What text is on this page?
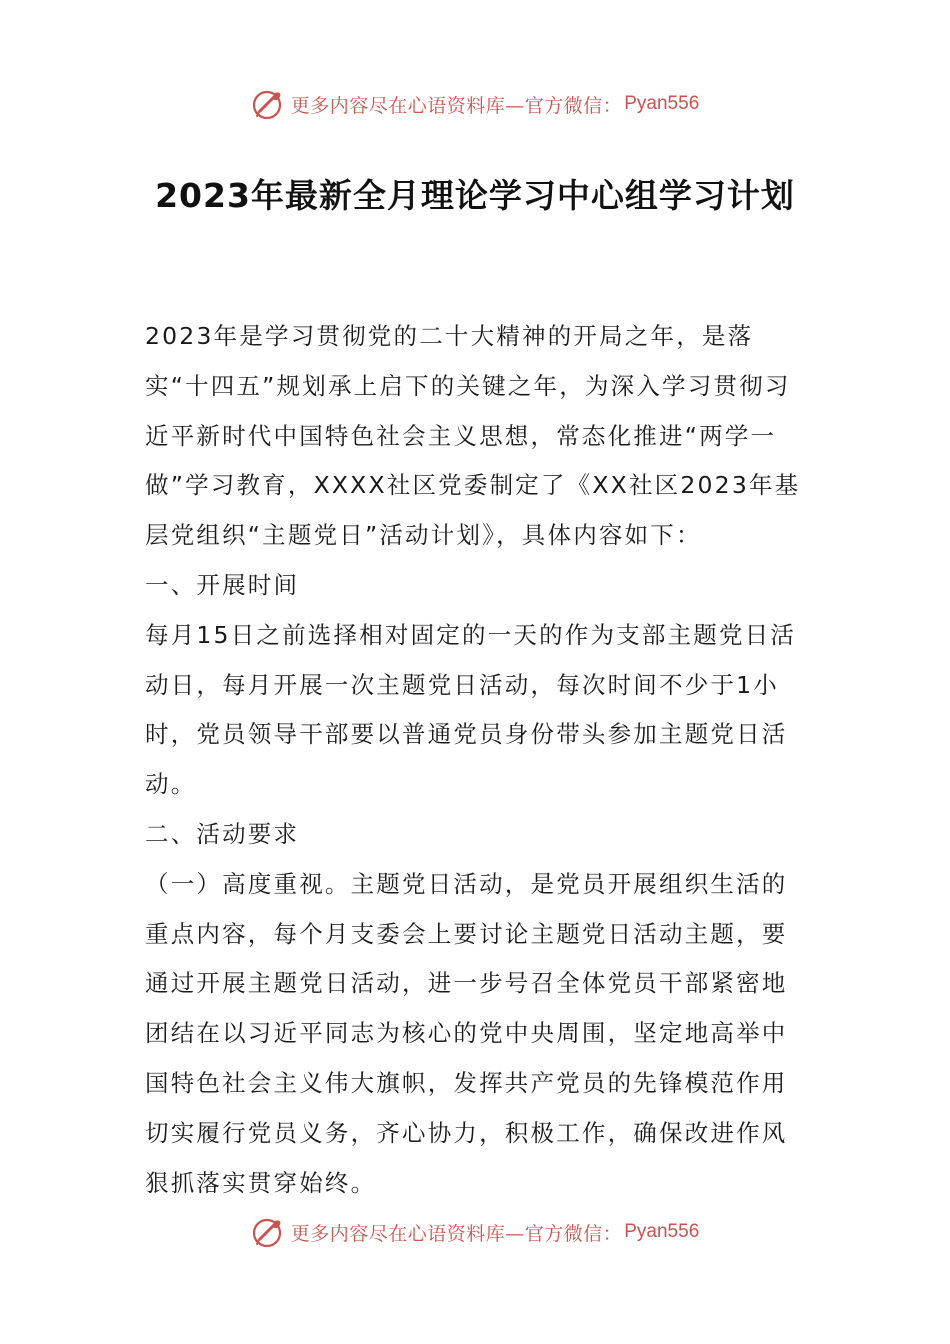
更多内容尽在心语资料库—官方微信： Pyan556
2023年最新全月理论学习中心组学习计划

2023年是学习贯彻党的二十大精神的开局之年，是落实“十四五”规划承上启下的关键之年，为深入学习贯彻习近平新时代中国特色社会主义思想，常态化推进“两学一做”学习教育，XXXX社区党委制定了《XX社区2023年基层党组织“主题党日”活动计划》，具体内容如下：

一、开展时间

每月15日之前选择相对固定的一天的作为支部主题党日活动日，每月开展一次主题党日活动，每次时间不少于1小时，党员领导干部要以普通党员身份带头参加主题党日活动。

二、活动要求

（一）高度重视。主题党日活动，是党员开展组织生活的重点内容，每个月支委会上要讨论主题党日活动主题，要通过开展主题党日活动，进一步号召全体党员干部紧密地团结在以习近平同志为核心的党中央周围，坚定地高举中国特色社会主义伟大旗帜，发挥共产党员的先锋模范作用切实履行党员义务，齐心协力，积极工作，确保改进作风狠抓落实贯穿始终。

更多内容尽在心语资料库—官方微信： Pyan556
